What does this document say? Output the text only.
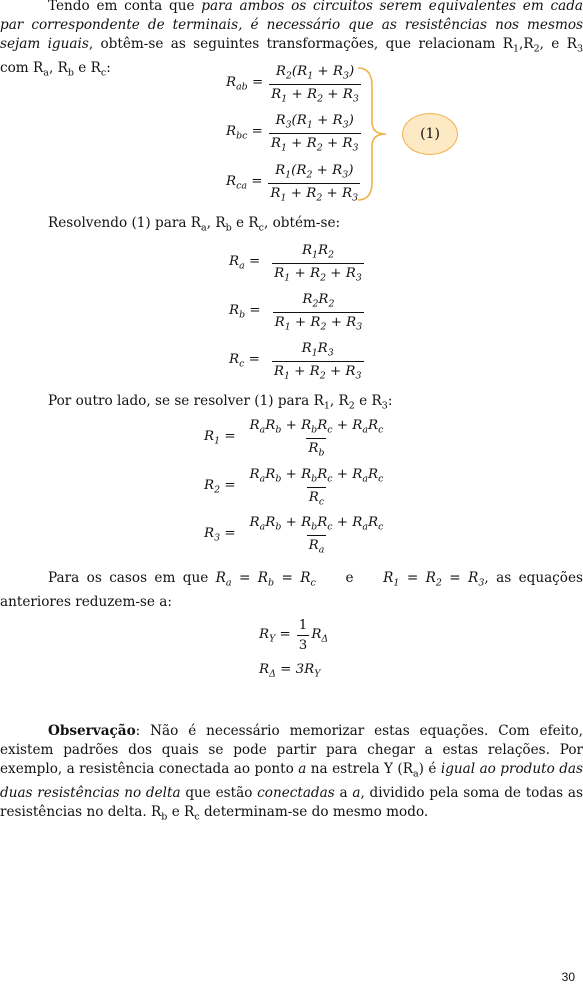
Tendo em conta que para ambos os circuitos serem equivalentes em cada par correspondente de terminais, é necessário que as resistências nos mesmos sejam iguais, obtêm-se as seguintes transformações, que relacionam $R_1,R_2$, e $R_3$ com $R_a$, $R_b$ e $R_c$:

$R_{ab} = \frac{R_2(R_1 + R_3)}{R_1 + R_2 + R_3}$
$R_{bc} = \frac{R_3(R_1 + R_3)}{R_1 + R_2 + R_3}$
$R_{ca} = \frac{R_1(R_2 + R_3)}{R_1 + R_2 + R_3}$
(1)

Resolvendo (1) para $R_a$, $R_b$ e $R_c$, obtém-se:

$R_a = \frac{R_1R_2}{R_1 + R_2 + R_3}$
$R_b = \frac{R_2R_2}{R_1 + R_2 + R_3}$
$R_c = \frac{R_1R_3}{R_1 + R_2 + R_3}$

Por outro lado, se se resolver (1) para $R_1$, $R_2$ e $R_3$:

$R_1 = \frac{R_aR_b + R_bR_c + R_aR_c}{R_b}$
$R_2 = \frac{R_aR_b + R_bR_c + R_aR_c}{R_c}$
$R_3 = \frac{R_aR_b + R_bR_c + R_aR_c}{R_a}$

Para os casos em que $R_a = R_b = R_c$    e    $R_1 = R_2 = R_3$, as equações anteriores reduzem-se a:

$R_Y = \frac{1}{3} R_\Delta$
$R_\Delta = 3R_Y$

Observação: Não é necessário memorizar estas equações. Com efeito, existem padrões dos quais se pode partir para chegar a estas relações. Por exemplo, a resistência conectada ao ponto a na estrela Y $(R_a)$ é igual ao produto das duas resistências no delta que estão conectadas a a, dividido pela soma de todas as resistências no delta. $R_b$ e $R_c$ determinam-se do mesmo modo.

30
